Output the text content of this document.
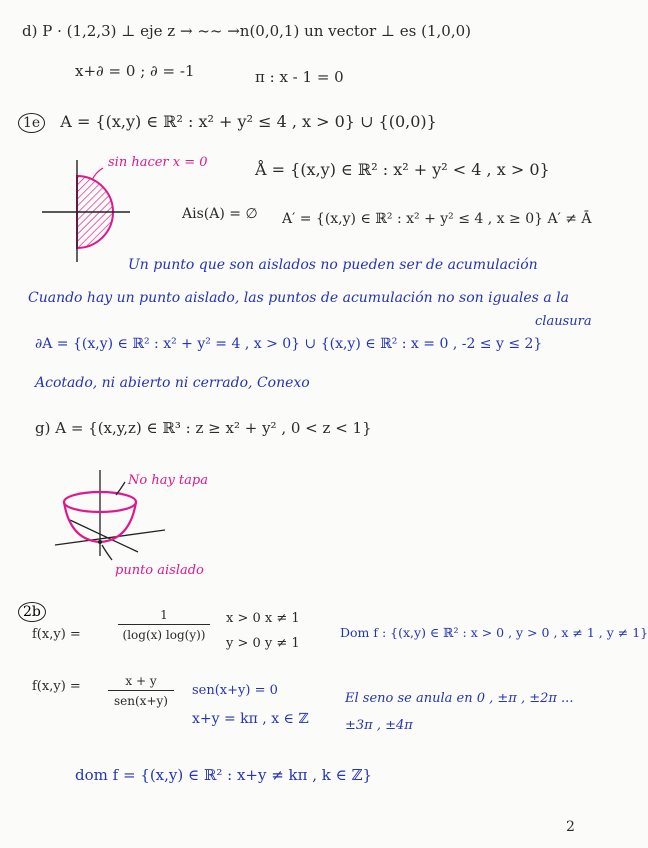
d) P · (1,2,3) ⊥ eje z → ~~ →n(0,0,1) un vector ⊥ es (1,0,0)
x+∂ = 0 ; ∂ = -1	π : x - 1 = 0
1e A = {(x,y) ∈ ℝ² : x² + y² ≤ 4 , x > 0} ∪ {(0,0)}
sin hacer x = 0	Å = {(x,y) ∈ ℝ² : x² + y² < 4 , x > 0}
Ais(A) = ∅ A′ = {(x,y) ∈ ℝ² : x² + y² ≤ 4 , x ≥ 0} A′ ≠ Ā
Un punto que son aislados no pueden ser de acumulación
Cuando hay un punto aislado, las puntos de acumulación no son iguales a la
clausura
∂A = {(x,y) ∈ ℝ² : x² + y² = 4 , x > 0} ∪ {(x,y) ∈ ℝ² : x = 0 , -2 ≤ y ≤ 2}
Acotado, ni abierto ni cerrado, Conexo
g) A = {(x,y,z) ∈ ℝ³ : z ≥ x² + y² , 0 < z < 1}
No hay tapa
punto aislado
2b
f(x,y) =	$\frac{1}{(\log(x) \log(y))}$ x > 0 x ≠ 1
y > 0 y ≠ 1
Dom f : {(x,y) ∈ ℝ² : x > 0 , y > 0 , x ≠ 1 , y ≠ 1}
f(x,y) =	x + y
sen(x+y)
sen(x+y) = 0
x+y = kπ , x ∈ ℤ
El seno se anula en 0 , ±π , ±2π ...
±3π , ±4π
dom f = {(x,y) ∈ ℝ² : x+y ≠ kπ , k ∈ ℤ}
2
